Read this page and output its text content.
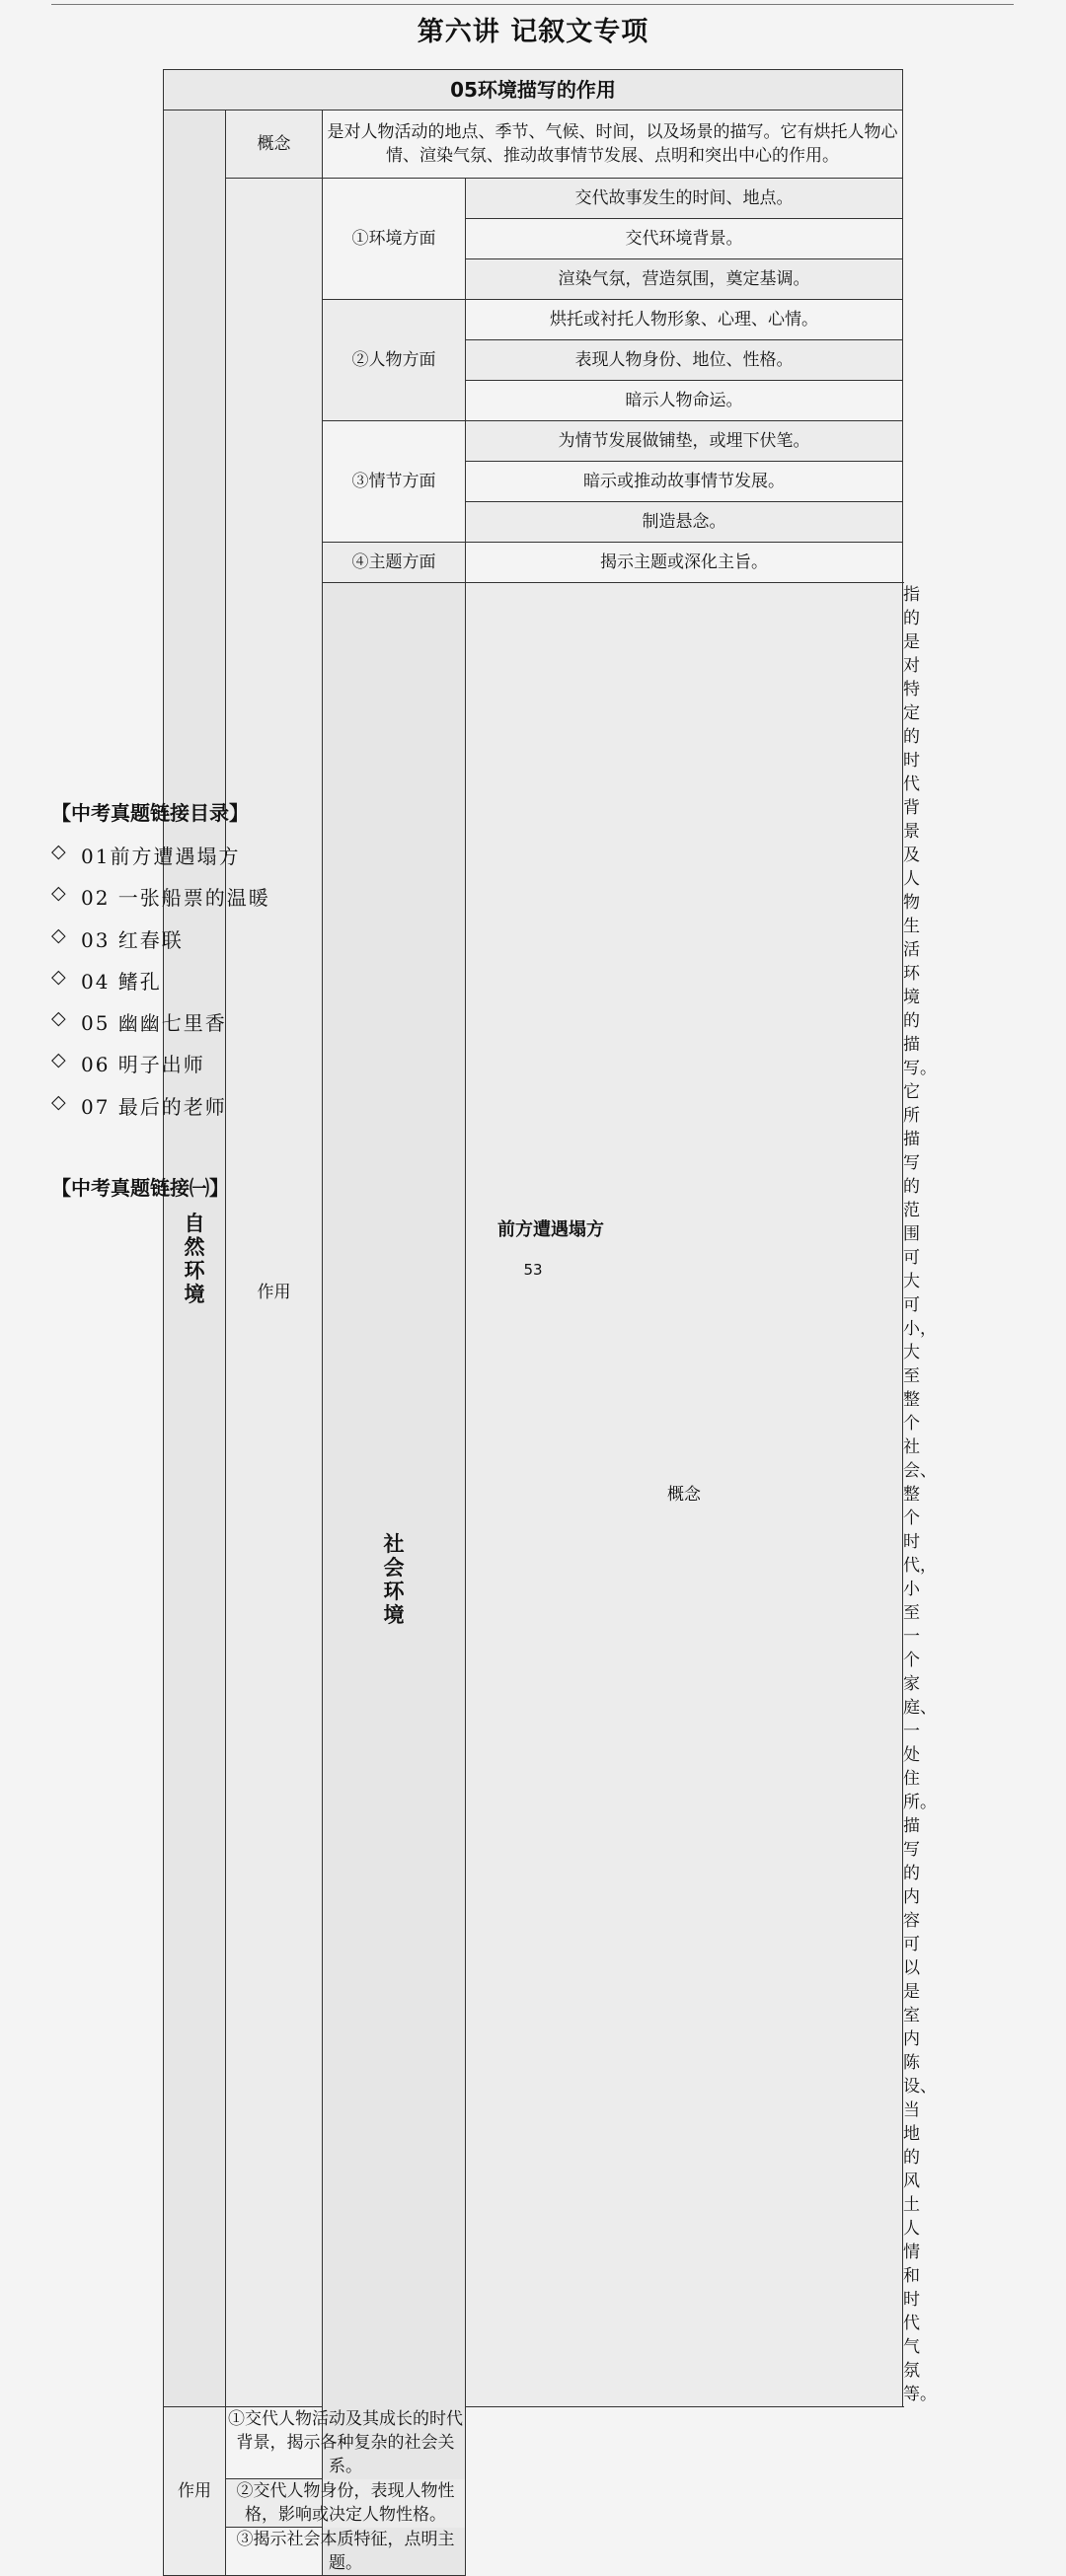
第六讲 记叙文专项
05环境描写的作用				

自然环境	概念	是对人物活动的地点、季节、气候、时间，以及场景的描写。它有烘托人物心情、渲染气氛、推动故事情节发展、点明和突出中心的作用。		
	作用	①环境方面	交代故事发生的时间、地点。	
			交代环境背景。	
			渲染气氛，营造氛围，奠定基调。	
		②人物方面	烘托或衬托人物形象、心理、心情。	
			表现人物身份、地位、性格。	
			暗示人物命运。	
		③情节方面	为情节发展做铺垫，或埋下伏笔。	
			暗示或推动故事情节发展。	
			制造悬念。	
		④主题方面	揭示主题或深化主旨。	

		社会环境	概念	指的是对特定的时代背景及人物生活环境的描写。它所描写的范围可大可小，大至整个社会、整个时代，小至一个家庭、一处住所。描写的内容可以是室内陈设、当地的风土人情和时代气氛等。
作用	①交代人物活动及其成长的时代背景，揭示各种复杂的社会关系。			
	②交代人物身份，表现人物性格，影响或决定人物性格。			
	③揭示社会本质特征，点明主题。			
【中考真题链接目录】
◇ 01前方遭遇塌方
◇ 02 一张船票的温暖
◇ 03 红春联
◇ 04 鳍孔
◇ 05 幽幽七里香
◇ 06 明子出师
◇ 07 最后的老师
【中考真题链接㈠】
前方遭遇塌方
53
